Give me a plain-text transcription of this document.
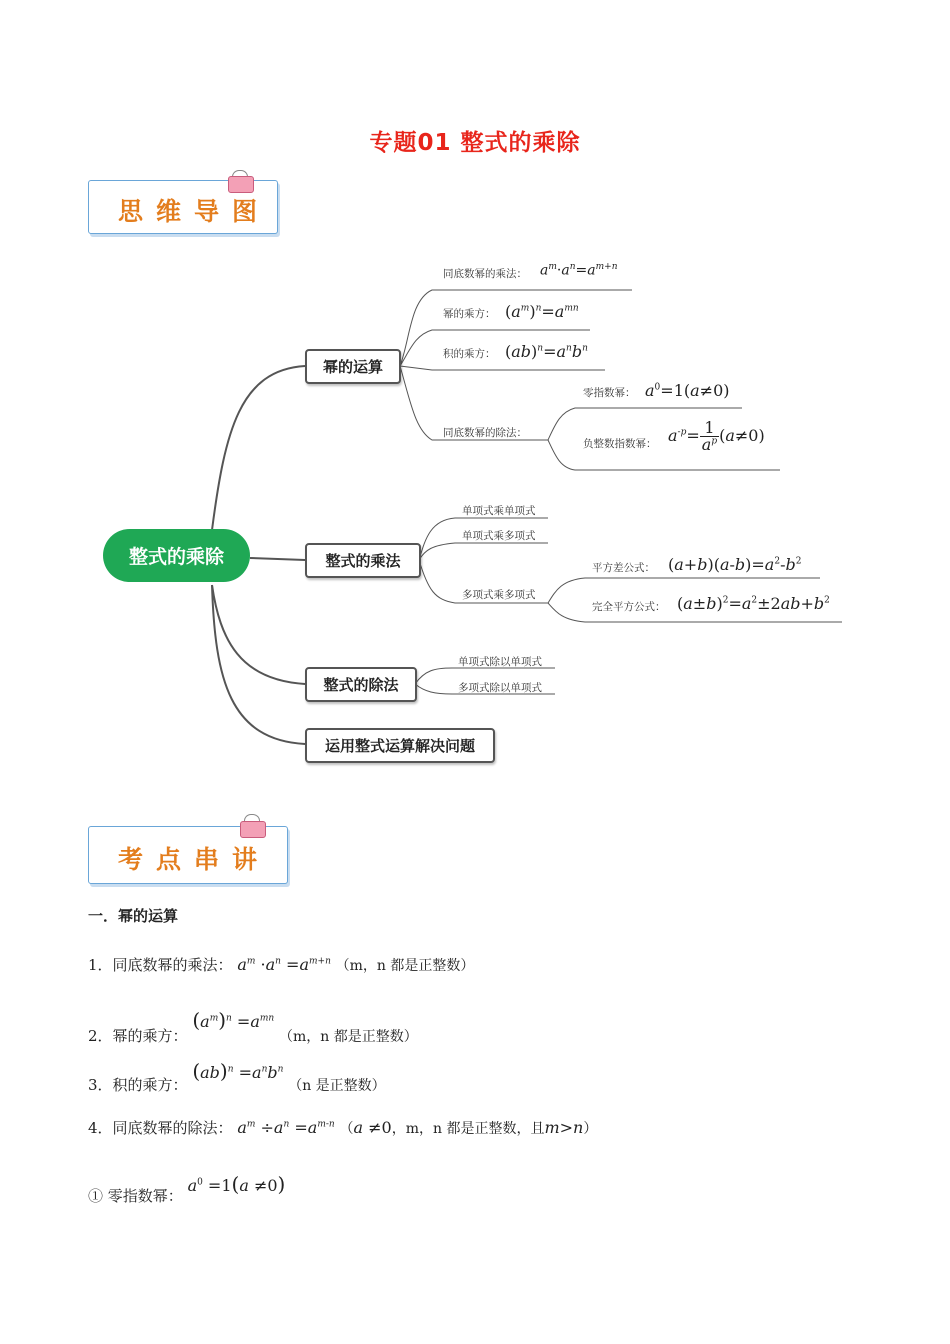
专题01 整式的乘除
思维导图
整式的乘除
幂的运算
整式的乘法
整式的除法
运用整式运算解决问题
同底数幂的乘法： $a^m\cdot a^n=a^{m+n}$
幂的乘方： $(a^m)^n=a^{mn}$
积的乘方： $(ab)^n=a^nb^n$
同底数幂的除法：
零指数幂： $a^0=1(a\ne 0)$
负整数指数幂： $a^{-p}= \frac{1}{a^p} (a\ne 0)$
单项式乘单项式
单项式乘多项式
多项式乘多项式
平方差公式： $(a+b)(a-b)=a^2-b^2$
完全平方公式： $(a\pm b)^2=a^2\pm 2ab+b^2$
单项式除以单项式
多项式除以单项式
考点串讲
一．幂的运算
1．同底数幂的乘法： $a^m \cdot a^n =a^{m+n}$ （m，n 都是正整数）
2．幂的乘方： $(a^m)^n =a^{mn}$ （m，n 都是正整数）
3．积的乘方： $(ab)^n =a^nb^n$ （n 是正整数）
4．同底数幂的除法： $a^m \div a^n =a^{m-n}$ （a ≠0，m，n 都是正整数，且m>n）
① 零指数幂： $a^0 =1(a \ne 0)$
